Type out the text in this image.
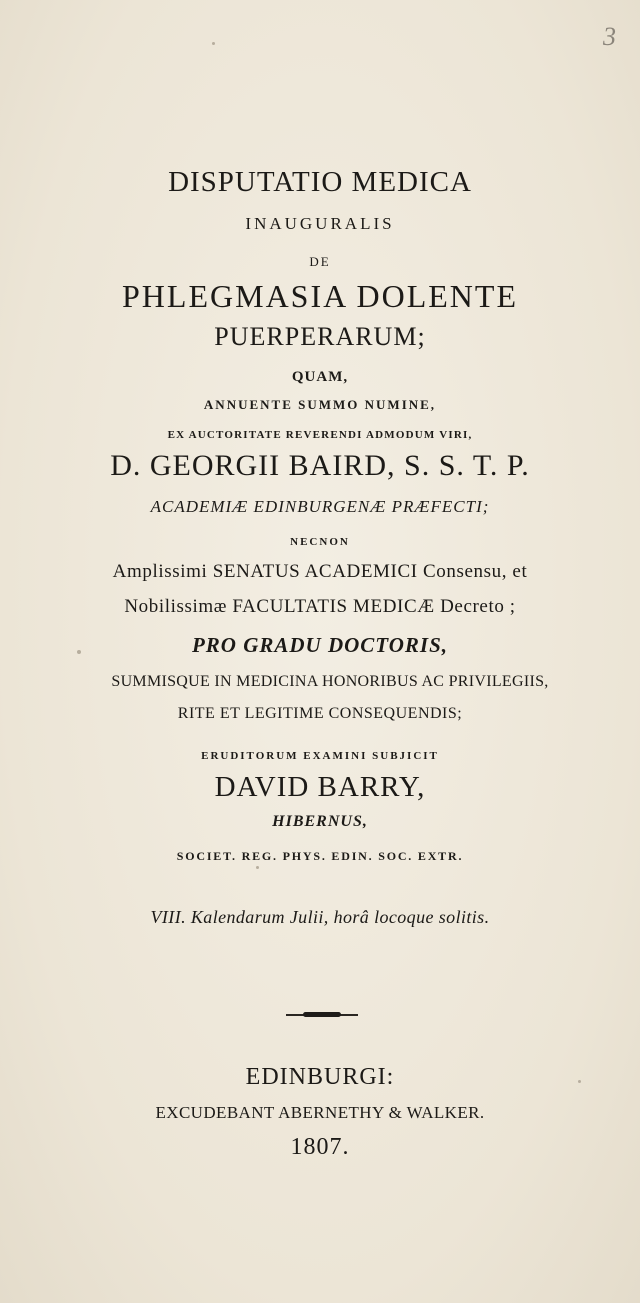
3
DISPUTATIO MEDICA
INAUGURALIS
DE
PHLEGMASIA DOLENTE
PUERPERARUM;
QUAM,
ANNUENTE SUMMO NUMINE,
EX AUCTORITATE REVERENDI ADMODUM VIRI,
D. GEORGII BAIRD, S. S. T. P.
ACADEMIÆ EDINBURGENÆ PRÆFECTI;
NECNON
Amplissimi SENATUS ACADEMICI Consensu, et
Nobilissimæ FACULTATIS MEDICÆ Decreto ;
PRO GRADU DOCTORIS,
SUMMISQUE IN MEDICINA HONORIBUS AC PRIVILEGIIS,
RITE ET LEGITIME CONSEQUENDIS;
ERUDITORUM EXAMINI SUBJICIT
DAVID BARRY,
HIBERNUS,
SOCIET. REG. PHYS. EDIN. SOC. EXTR.
VIII. Kalendarum Julii, horâ locoque solitis.
EDINBURGI:
EXCUDEBANT ABERNETHY & WALKER.
1807.
